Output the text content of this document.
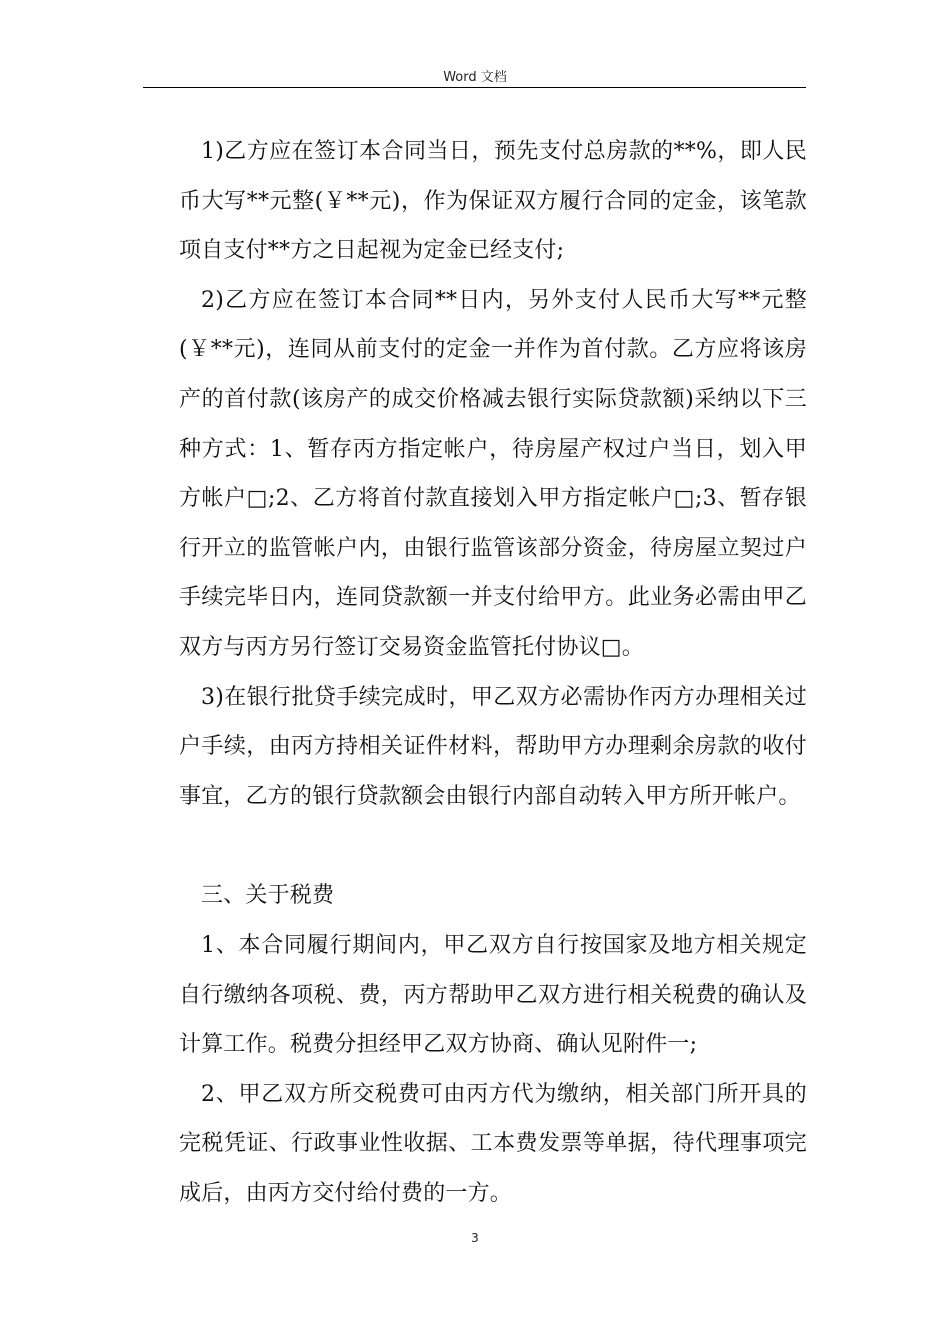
Word 文档

1)乙方应在签订本合同当日，预先支付总房款的**%，即人民币大写**元整(￥**元)，作为保证双方履行合同的定金，该笔款项自支付**方之日起视为定金已经支付;

2)乙方应在签订本合同**日内，另外支付人民币大写**元整(￥**元)，连同从前支付的定金一并作为首付款。乙方应将该房产的首付款(该房产的成交价格减去银行实际贷款额)采纳以下三种方式：1、暂存丙方指定帐户，待房屋产权过户当日，划入甲方帐户□;2、乙方将首付款直接划入甲方指定帐户□;3、暂存银行开立的监管帐户内，由银行监管该部分资金，待房屋立契过户手续完毕日内，连同贷款额一并支付给甲方。此业务必需由甲乙双方与丙方另行签订交易资金监管托付协议□。

3)在银行批贷手续完成时，甲乙双方必需协作丙方办理相关过户手续，由丙方持相关证件材料，帮助甲方办理剩余房款的收付事宜，乙方的银行贷款额会由银行内部自动转入甲方所开帐户。

三、关于税费

1、本合同履行期间内，甲乙双方自行按国家及地方相关规定自行缴纳各项税、费，丙方帮助甲乙双方进行相关税费的确认及计算工作。税费分担经甲乙双方协商、确认见附件一;

2、甲乙双方所交税费可由丙方代为缴纳，相关部门所开具的完税凭证、行政事业性收据、工本费发票等单据，待代理事项完成后，由丙方交付给付费的一方。

3
